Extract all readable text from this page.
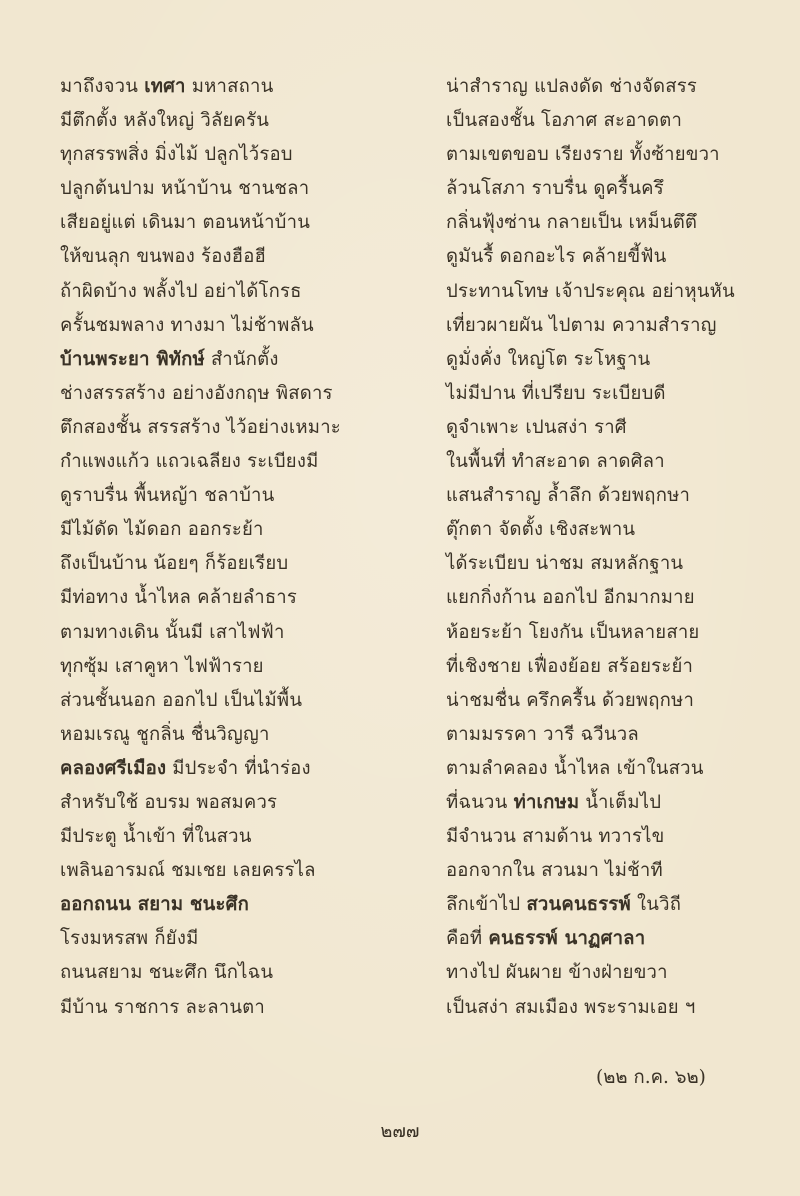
มาถึงจวน เทศา มหาสถาน
มีตึกตั้ง หลังใหญ่ วิลัยครัน
ทุกสรรพสิ่ง มิ่งไม้ ปลูกไว้รอบ
ปลูกต้นปาม หน้าบ้าน ชานชลา
เสียอยู่แต่ เดินมา ตอนหน้าบ้าน
ให้ขนลุก ขนพอง ร้องฮือฮี
ถ้าผิดบ้าง พลั้งไป อย่าได้โกรธ
ครั้นชมพลาง ทางมา ไม่ช้าพลัน
บ้านพระยา พิทักษ์ สำนักตั้ง
ช่างสรรสร้าง อย่างอังกฤษ พิสดาร
ตึกสองชั้น สรรสร้าง ไว้อย่างเหมาะ
กำแพงแก้ว แถวเฉลียง ระเบียงมี
ดูราบรื่น พื้นหญ้า ชลาบ้าน
มีไม้ดัด ไม้ดอก ออกระย้า
ถึงเป็นบ้าน น้อยๆ ก็ร้อยเรียบ
มีท่อทาง น้ำไหล คล้ายลำธาร
ตามทางเดิน นั้นมี เสาไฟฟ้า
ทุกซุ้ม เสาคูหา ไฟฟ้าราย
ส่วนชั้นนอก ออกไป เป็นไม้พื้น
หอมเรณู ชูกลิ่น ชื่นวิญญา
คลองศรีเมือง มีประจำ ที่นำร่อง
สำหรับใช้ อบรม พอสมควร
มีประตู น้ำเข้า ที่ในสวน
เพลินอารมณ์ ชมเชย เลยครรไล
ออกถนน สยาม ชนะศึก
โรงมหรสพ ก็ยังมี
ถนนสยาม ชนะศึก นึกไฉน
มีบ้าน ราชการ ละลานตา
น่าสำราญ แปลงดัด ช่างจัดสรร
เป็นสองชั้น โอภาศ สะอาดตา
ตามเขตขอบ เรียงราย ทั้งซ้ายขวา
ล้วนโสภา ราบรื่น ดูครื้นครึ
กลิ่นฟุ้งซ่าน กลายเป็น เหม็นตึตึ
ดูมันรื้ ดอกอะไร คล้ายขี้ฟัน
ประทานโทษ เจ้าประคุณ อย่าหุนหัน
เที่ยวผายผัน ไปตาม ความสำราญ
ดูมั่งคั่ง ใหญ่โต ระโหฐาน
ไม่มีปาน ที่เปรียบ ระเบียบดี
ดูจำเพาะ เปนสง่า ราศี
ในพื้นที่ ทำสะอาด ลาดศิลา
แสนสำราญ ล้ำลึก ด้วยพฤกษา
ตุ๊กตา จัดตั้ง เชิงสะพาน
ได้ระเบียบ น่าชม สมหลักฐาน
แยกกิ่งก้าน ออกไป อีกมากมาย
ห้อยระย้า โยงกัน เป็นหลายสาย
ที่เชิงชาย เฟื่องย้อย สร้อยระย้า
น่าชมชื่น ครึกครื้น ด้วยพฤกษา
ตามมรรคา วารี ฉวีนวล
ตามลำคลอง น้ำไหล เข้าในสวน
ที่ฉนวน ท่าเกษม น้ำเต็มไป
มีจำนวน สามด้าน ทวารไข
ออกจากใน สวนมา ไม่ช้าที
ลึกเข้าไป สวนคนธรรพ์ ในวิถี
คือที่ คนธรรพ์ นาฏศาลา
ทางไป ผันผาย ข้างฝ่ายขวา
เป็นสง่า สมเมือง พระรามเอย ฯ
(๒๒ ก.ค. ๖๒)
๒๗๗
